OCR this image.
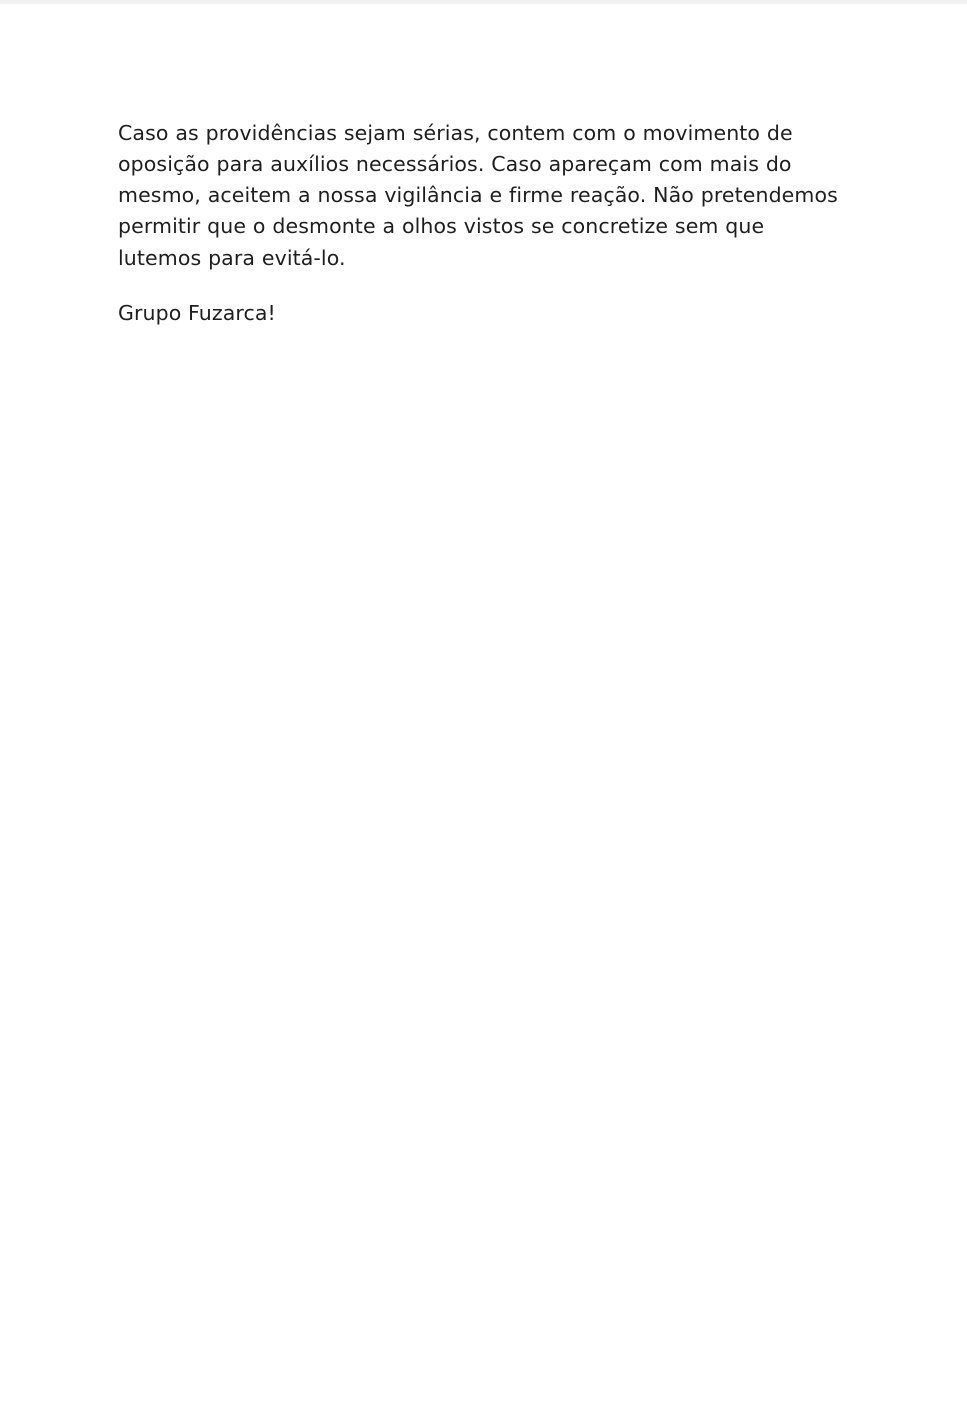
Caso as providências sejam sérias, contem com o movimento de oposição para auxílios necessários. Caso apareçam com mais do mesmo, aceitem a nossa vigilância e firme reação. Não pretendemos permitir que o desmonte a olhos vistos se concretize sem que lutemos para evitá-lo.

Grupo Fuzarca!
